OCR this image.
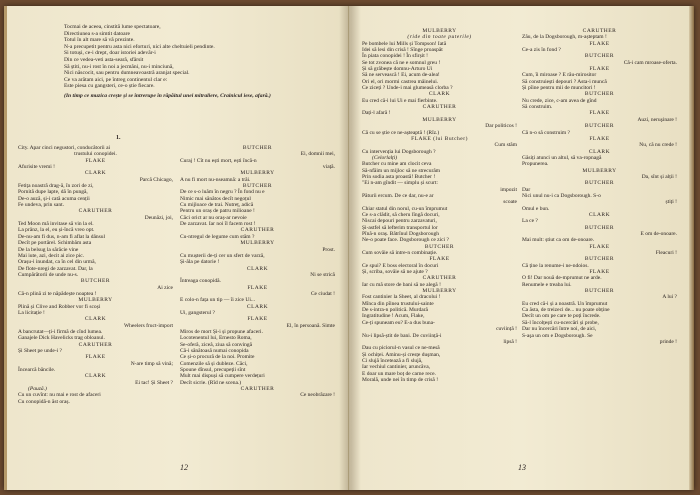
Tocmai de aceea, cinstită lume spectatoare,
Directiunea s-a simtit datoare
Totul în alt mare să vă prezinte.
N-a precupetit pentru asta nici eforturi, nici alte cheltuieli pendinte.
Si totuși, ce-i drept, doar istoriei adevăr-i
Din ce vedea-veti asta-seară, sfârsit
Să știti, nu-i rost în noi a jecmăni, nu-i minciună,
Nici născocit, sau pentru dumneavoastră aranjat special.
Ce va arătam aici, pe întreg continentul clar e:
Este piesa cu gangsteri, ce-o știe fiecare.
(In timp ce muzica crește și se întrerupe în răpăitul unei mitraliere, Crainicul iese, afară.)
1.
City. Apar cinci negustori, conducătorii ai
trustului conopidei.
FLAKE
Afurisite vremi !
CLARK
Parcă Chicago,
Fetița noastră drag-ă, în zori de zi,
Pornită dupe lapte, dă în pungă,
De-o auză, și-i cată acuma cenții
Fe undeva, prin sant.
CARUTHER
Deunăzi, joi,
Ted Moon mă invitase să vin la el.
La prânz, la el, eu și-încă vreo opt.
De-nu-am fi dus, n-am fi aflat la dânsul
Decît pe portărel. Schimbăm asta
De la belsug la sărăcie vine
Mai iute, azi, decit ai zice pic.
Orașu-i inundat, ca în cel din urmă,
De flote-nregi de zarzavat. Dar, la
Cumpărătorii de unde nu-s.
BUTCHER
Ai zice
Că-n plină zi te năpădește noaptea !
MULBERRY
Plină și Clive and Robber vor fi scoși
La licitație !
CLARK
Wheelers fruct-import
A bancrutat—ți-i firmă de cînd lumea.
Ganajele Dick Havelicks trag obloanul.
CARUTHER
Și Sheet pe unde-i ?
FLAKE
N-are timp să vină;
Încearcă băncile.
CLARK
Ei tac! Și Sheet ?
(Pauză.)
Cu un cuvînt: nu mai e rost de afaceri
Cu conopidă-n ăst oraș.
BUTCHER
Ei, domnii mei,
Curaj ! Cît nu ești mort, ești încă-n
viață.
MULBERRY
A nu fi mort nu-nseamnă: a trăi.
BUTCHER
De ce s-o luăm în negru ? În fond nu e
Nimic mai sănătos decît negoțul
Cu mijloace de trai. Nutreț, adică
Pentru un oraș de patru milioane !
Căci orict ar nu oraș-ar nevoie
De zarzavat. Iar noi îl facem rost !
CARUTHER
Cu-ntregul de legume cum stăm ?
MULBERRY
Prost.
Cu mușterii de-ți cer un sfert de varză,
Și-ăla pe datorie !
CLARK
Ni se strică
Întreaga conopidă.
FLAKE
Ce ciudat !
E colo-n fața un tip — îi zice Ui...
CLARK
Ui, gangsterul ?
FLAKE
El, în persoană. Simte
Miros de mort Și-i și propune afaceri.
Locotenentul lui, Ernesto Roma,
Se-oferă, ziceâ, ziua să convingă
Că-i sănătoasă numai conopida
Ce și-o procură de la noi. Promite
Comenzile să și dubleze. Căci,
Spoune dînsul, precupeții sînt
Mult mai dispuși să cumpere verdețuri
Decît sicrie. (Rîd ne scena.)
CARUTHER
Ce neobrăzare !
12
MULBERRY
(ride din toate puterile)
Pe bombele lui Mills și Tompson! Iată
Idei să lesi din crisă ! Sînge proaspăt
În piata conopidei ! În sfirșit !
Se tot zvonea că ne e somnul greu !
Și să grăbește domnu-Arturo Ui
Să ne servească ! Ei, acum de-alea!
Ori el, ori mormi castrea mâinelui.
Ce ziceți ? Unde-i mai glumeasă clorba ?
CLARK
Eu cred că-i lui Ui e mai fierbinte.
CARUTHER
Dați-l afară !
MULBERRY
Dar politicos !
Că cu se știe ce ne-așteaptă ! (Rîz.)
FLAKE (lui Butcher)
Cum stăm
Cu intervenția lui Dogsborough ?
(Celorlalți)
Butcher cu mine am clocit ceva
Să-nfăim un mijloc să ne strecurăm
Prin sodia asta proastă! Butcher !
"Ei n-am gîndit — simplu și scurt:
impozit
Păturii ercum. De ce dar, nu-e ar
scoate
Chiar statul din norul, cu-un împrumut
Ce s-a clădit, să cheru lîngă docuri,
Niscai depouri pentru zarzavaturi,
Și-astfel să lefterim transportul lor
Pînă-n oraș. Bătrînul Dogsborough
Ne-o poate face. Dogsborough ce zici ?
BUTCHER
Cum sovăie să intre-n combinație.
FLAKE
Ce spui? E boss electoral în docuri
Și, scriba, sovăie să ne ajute ?
CARUTHER
Iar cu mă store de bani să ne alegă !
MULBERRY
Fost cantinier la Sheet, al dracolui !
Mînca din pîinea trustului-sainte
De s-intra-n politică. Murdară
Ingratitudine ! Acum, Flake,
Ce-ți spuneam eu? E-a dus buna-
cuviință !
Nu-i lipsă-știt de bani. De cuviință-i
lipsă !
Dau cu piciorul-n vasul ce ne-mesă
Și ochiței. Aminu-și cresțe duşman,
Ci slujă încetează a fi slujă,
Iar vechiul cantinier, aruncăva,
E doar un mare boț de carne rece.
Morală, unde nei în timp de crisă !
CARUTHER
Zău, de la Dogsborough, m-așteptam !
FLAKE
Ce-a zis în fond ?
BUTCHER
Că-i cam mroase-oferta.
FLAKE
Cum, îi miroase ? E rău-mirositor
Să construiești depouri ? Asta-i muncă
Și pîine pentru mii de muncitori !
BUTCHER
Nu crede, zice, c-am avea de gînd
Să construim.
FLAKE
Auzi, neruşinare !
BUTCHER
Că n-o să construim ?
FLAKE
Nu, că nu crede !
CLARK
Găsiți atunci un altul, să va-ropnagă
Propunerea.
MULBERRY
Da, sînt și alții !
BUTCHER
Dar
Nici unul nu-i ca Dogsborough. S-o
știți !
Omul e bun.
CLARK
La ce ?
BUTCHER
E om de-onoare.
Mai mult: știut ca om de-onoare.
FLAKE
Fleacuri !
BUTCHER
Că ține la renume-i ne-ndoios.
FLAKE
O fi! Dar nouă de-mprumut ne arde.
Renumele e treaba lui.
BUTCHER
A lui ?
Eu cred că-i și a noastră. Un împrumut
Ca ăsta, de treizeci de... nu poate obține
Decît un om pe care te poți încrede.
Să-l încolțești cu-ncercări și probe,
Dar nu încercări între noi, de aici,
S-aşa un om e Dogsborough. Se
prinde !
13
